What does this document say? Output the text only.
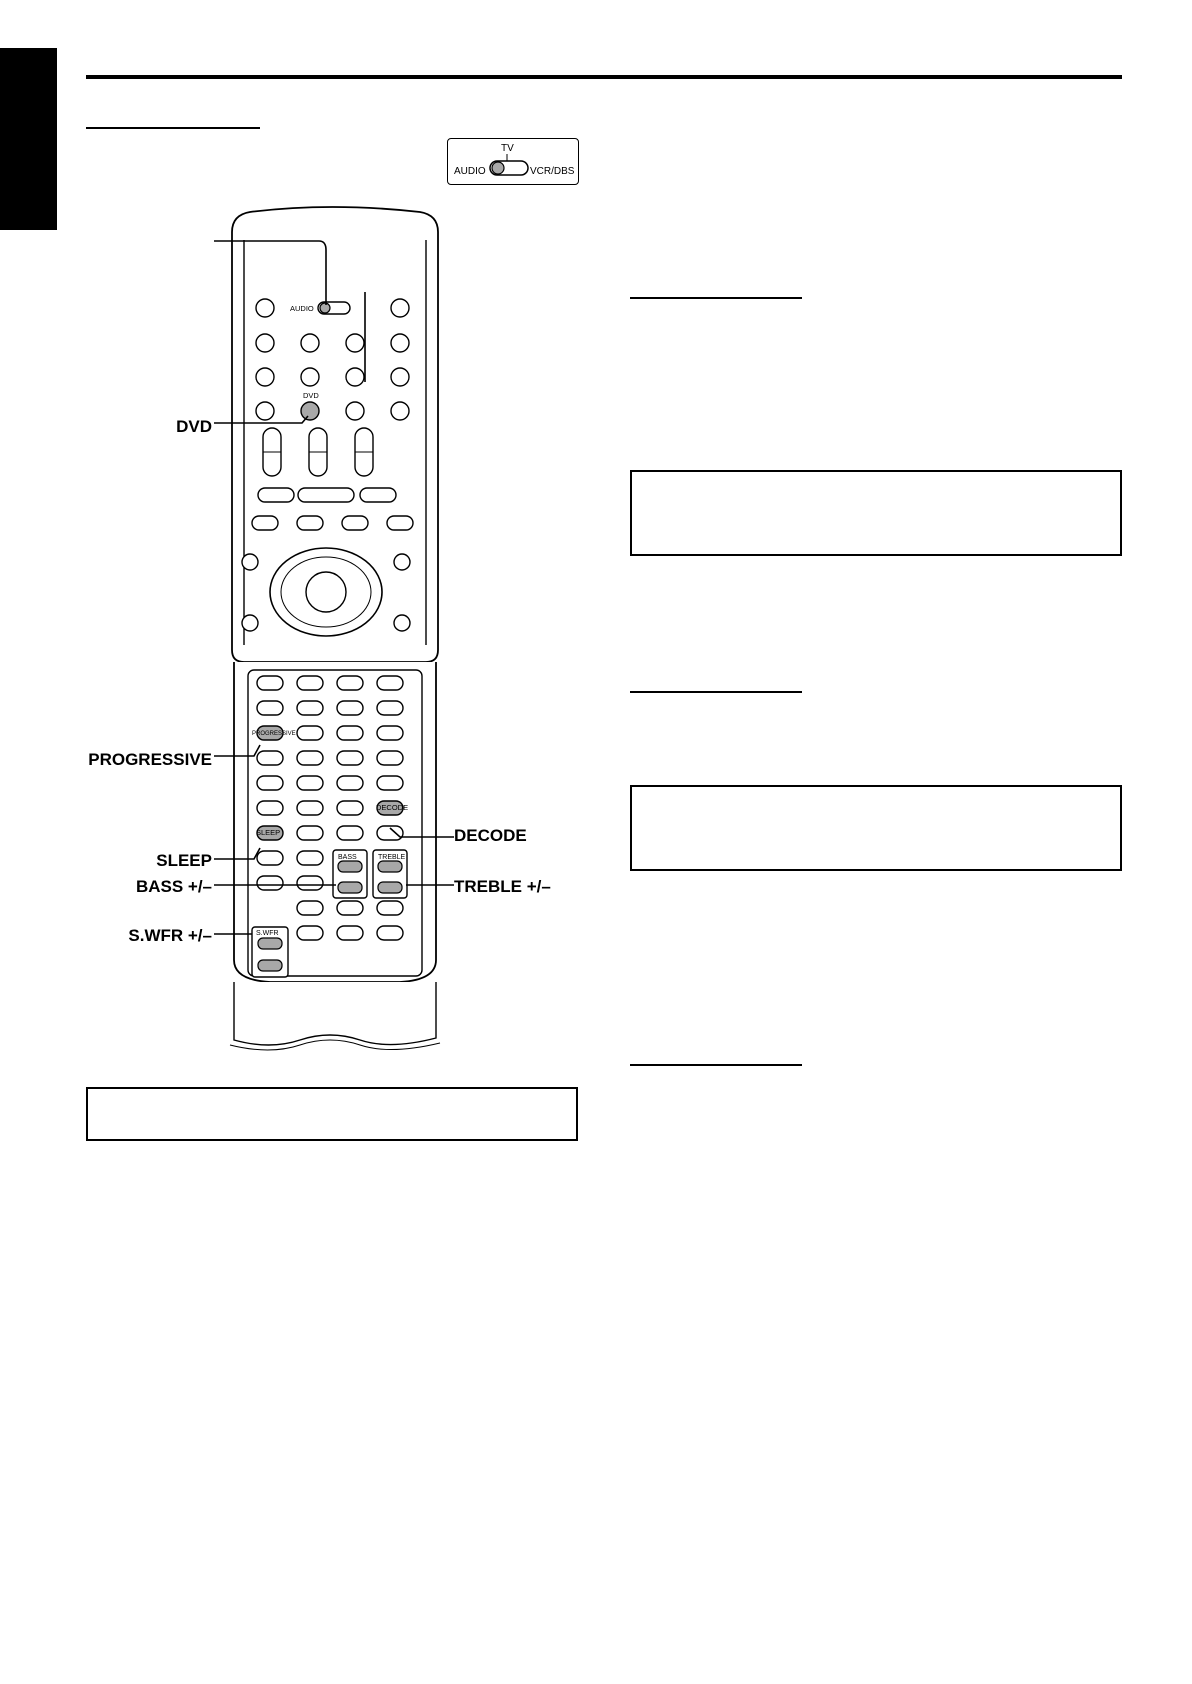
TV
AUDIO	VCR/DBS
DVD
PROGRESSIVE
SLEEP
BASS +/–
S.WFR +/–
DECODE
TREBLE +/–
AUDIO
DVD
PROGRESSIVE
DECODE
SLEEP
BASS	TREBLE
S.WFR
